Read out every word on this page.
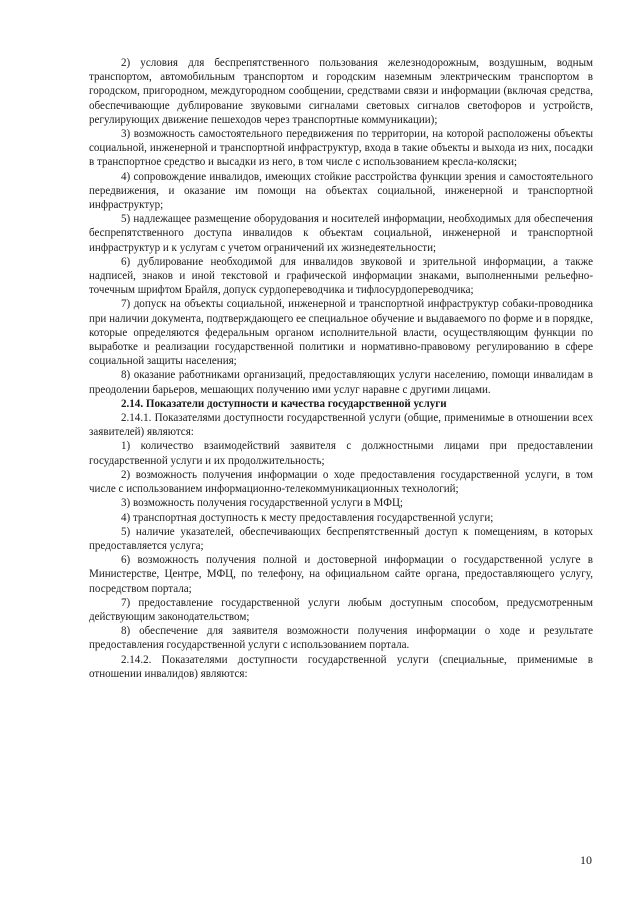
2) условия для беспрепятственного пользования железнодорожным, воздушным, водным транспортом, автомобильным транспортом и городским наземным электрическим транспортом в городском, пригородном, междугородном сообщении, средствами связи и информации (включая средства, обеспечивающие дублирование звуковыми сигналами световых сигналов светофоров и устройств, регулирующих движение пешеходов через транспортные коммуникации);

3) возможность самостоятельного передвижения по территории, на которой расположены объекты социальной, инженерной и транспортной инфраструктур, входа в такие объекты и выхода из них, посадки в транспортное средство и высадки из него, в том числе с использованием кресла-коляски;

4) сопровождение инвалидов, имеющих стойкие расстройства функции зрения и самостоятельного передвижения, и оказание им помощи на объектах социальной, инженерной и транспортной инфраструктур;

5) надлежащее размещение оборудования и носителей информации, необходимых для обеспечения беспрепятственного доступа инвалидов к объектам социальной, инженерной и транспортной инфраструктур и к услугам с учетом ограничений их жизнедеятельности;

6) дублирование необходимой для инвалидов звуковой и зрительной информации, а также надписей, знаков и иной текстовой и графической информации знаками, выполненными рельефно-точечным шрифтом Брайля, допуск сурдопереводчика и тифлосурдопереводчика;

7) допуск на объекты социальной, инженерной и транспортной инфраструктур собаки-проводника при наличии документа, подтверждающего ее специальное обучение и выдаваемого по форме и в порядке, которые определяются федеральным органом исполнительной власти, осуществляющим функции по выработке и реализации государственной политики и нормативно-правовому регулированию в сфере социальной защиты населения;

8) оказание работниками организаций, предоставляющих услуги населению, помощи инвалидам в преодолении барьеров, мешающих получению ими услуг наравне с другими лицами.

2.14. Показатели доступности и качества государственной услуги

2.14.1. Показателями доступности государственной услуги (общие, применимые в отношении всех заявителей) являются:

1) количество взаимодействий заявителя с должностными лицами при предоставлении государственной услуги и их продолжительность;

2) возможность получения информации о ходе предоставления государственной услуги, в том числе с использованием информационно-телекоммуникационных технологий;

3) возможность получения государственной услуги в МФЦ;

4) транспортная доступность к месту предоставления государственной услуги;

5) наличие указателей, обеспечивающих беспрепятственный доступ к помещениям, в которых предоставляется услуга;

6) возможность получения полной и достоверной информации о государственной услуге в Министерстве, Центре, МФЦ, по телефону, на официальном сайте органа, предоставляющего услугу, посредством портала;

7) предоставление государственной услуги любым доступным способом, предусмотренным действующим законодательством;

8) обеспечение для заявителя возможности получения информации о ходе и результате предоставления государственной услуги с использованием портала.

2.14.2. Показателями доступности государственной услуги (специальные, применимые в отношении инвалидов) являются:

10
